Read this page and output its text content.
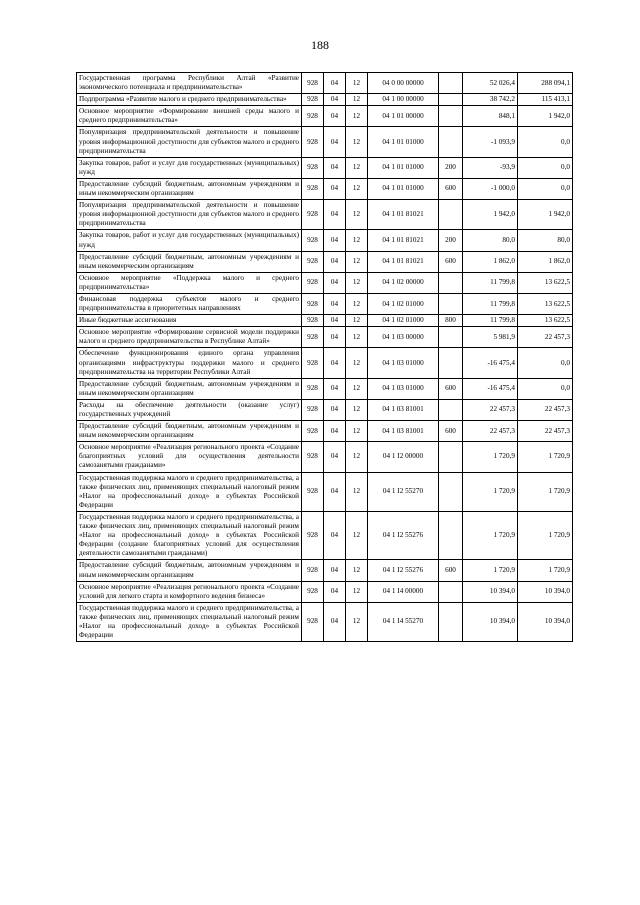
188
Государственная программа Республики Алтай «Развитие экономического потенциала и предпринимательства»	928	04	12	04 0 00 00000		52 026,4	288 094,1
Подпрограмма «Развитие малого и среднего предпринимательства»	928	04	12	04 1 00 00000		38 742,2	115 413,1
Основное мероприятие «Формирование внешней среды малого и среднего предпринимательства»	928	04	12	04 1 01 00000		848,1	1 942,0
Популяризация предпринимательской деятельности и повышение уровня информационной доступности для субъектов малого и среднего предпринимательства	928	04	12	04 1 01 01000		-1 093,9	0,0
Закупка товаров, работ и услуг для государственных (муниципальных) нужд	928	04	12	04 1 01 01000	200	-93,9	0,0
Предоставление субсидий бюджетным, автономным учреждениям и иным некоммерческим организациям	928	04	12	04 1 01 01000	600	-1 000,0	0,0
Популяризация предпринимательской деятельности и повышение уровня информационной доступности для субъектов малого и среднего предпринимательства	928	04	12	04 1 01 81021		1 942,0	1 942,0
Закупка товаров, работ и услуг для государственных (муниципальных) нужд	928	04	12	04 1 01 81021	200	80,0	80,0
Предоставление субсидий бюджетным, автономным учреждениям и иным некоммерческим организациям	928	04	12	04 1 01 81021	600	1 862,0	1 862,0
Основное мероприятие «Поддержка малого и среднего предпринимательства»	928	04	12	04 1 02 00000		11 799,8	13 622,5
Финансовая поддержка субъектов малого и среднего предпринимательства в приоритетных направлениях	928	04	12	04 1 02 01000		11 799,8	13 622,5
Иные бюджетные ассигнования	928	04	12	04 1 02 01000	800	11 799,8	13 622,5
Основное мероприятие «Формирование сервисной модели поддержки малого и среднего предпринимательства в Республике Алтай»	928	04	12	04 1 03 00000		5 981,9	22 457,3
Обеспечение функционирования единого органа управления организациями инфраструктуры поддержки малого и среднего предпринимательства на территории Республики Алтай	928	04	12	04 1 03 01000		-16 475,4	0,0
Предоставление субсидий бюджетным, автономным учреждениям и иным некоммерческим организациям	928	04	12	04 1 03 01000	600	-16 475,4	0,0
Расходы на обеспечение деятельности (оказание услуг) государственных учреждений	928	04	12	04 1 03 81001		22 457,3	22 457,3
Предоставление субсидий бюджетным, автономным учреждениям и иным некоммерческим организациям	928	04	12	04 1 03 81001	600	22 457,3	22 457,3
Основное мероприятие «Реализация регионального проекта «Создание благоприятных условий для осуществления деятельности самозанятыми гражданами»	928	04	12	04 1 I2 00000		1 720,9	1 720,9
Государственная поддержка малого и среднего предпринимательства, а также физических лиц, применяющих специальный налоговый режим «Налог на профессиональный доход» в субъектах Российской Федерации	928	04	12	04 1 I2 55270		1 720,9	1 720,9
Государственная поддержка малого и среднего предпринимательства, а также физических лиц, применяющих специальный налоговый режим «Налог на профессиональный доход» в субъектах Российской Федерации (создание благоприятных условий для осуществления деятельности самозанятыми гражданами)	928	04	12	04 1 I2 55276		1 720,9	1 720,9
Предоставление субсидий бюджетным, автономным учреждениям и иным некоммерческим организациям	928	04	12	04 1 I2 55276	600	1 720,9	1 720,9
Основное мероприятие «Реализация регионального проекта «Создание условий для легкого старта и комфортного ведения бизнеса»	928	04	12	04 1 I4 00000		10 394,0	10 394,0
Государственная поддержка малого и среднего предпринимательства, а также физических лиц, применяющих специальный налоговый режим «Налог на профессиональный доход» в субъектах Российской Федерации	928	04	12	04 1 I4 55270		10 394,0	10 394,0
